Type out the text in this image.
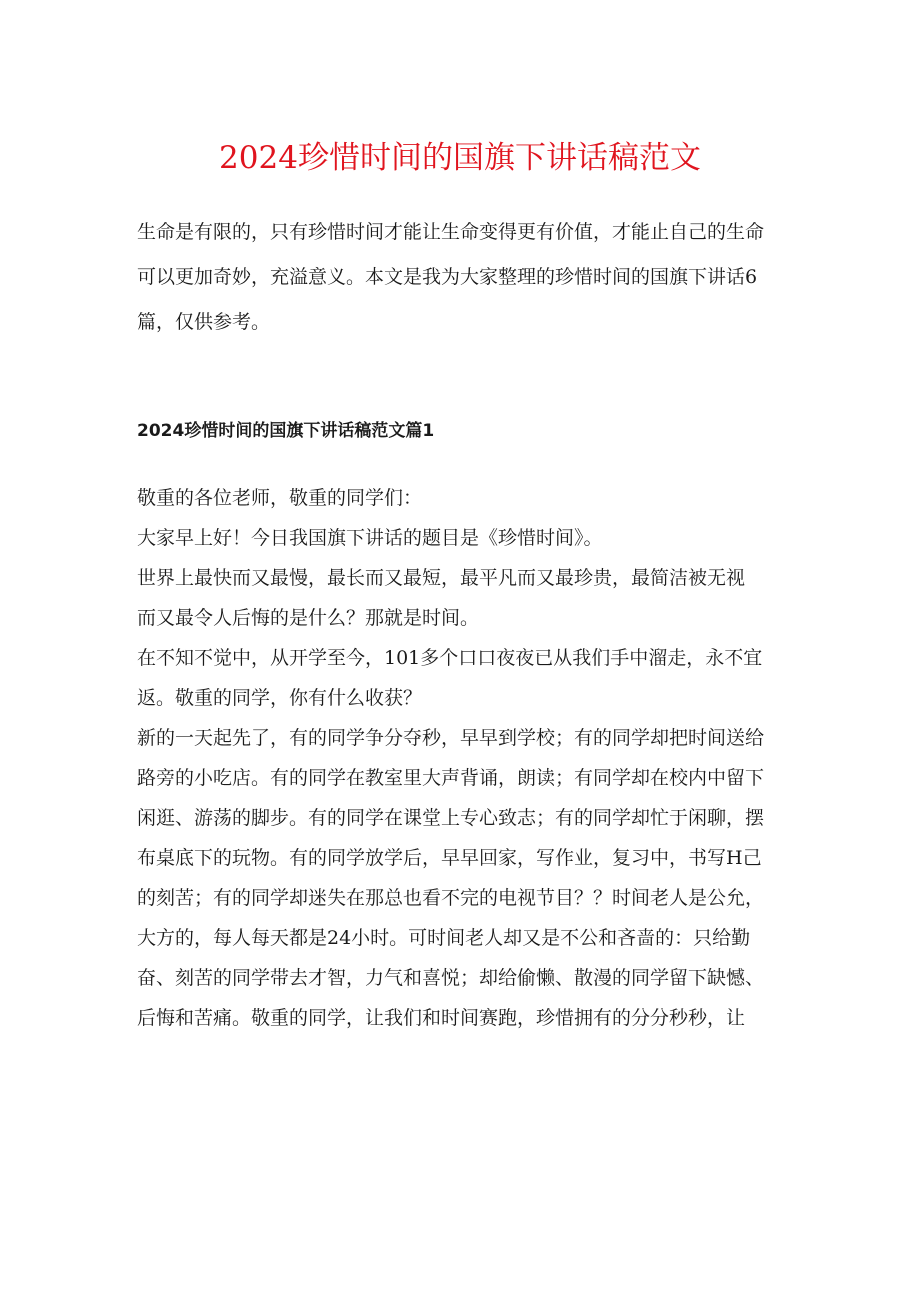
2024珍惜时间的国旗下讲话稿范文
生命是有限的，只有珍惜时间才能让生命变得更有价值，才能止自己的生命
可以更加奇妙，充溢意义。本文是我为大家整理的珍惜时间的国旗下讲话6
篇，仅供参考。
2024珍惜时间的国旗下讲话稿范文篇1
敬重的各位老师，敬重的同学们：
大家早上好！今日我国旗下讲话的题目是《珍惜时间》。
世界上最快而又最慢，最长而又最短，最平凡而又最珍贵，最简洁被无视
而又最令人后悔的是什么？那就是时间。
在不知不觉中，从开学至今，101多个口口夜夜已从我们手中溜走，永不宜
返。敬重的同学，你有什么收获？
新的一天起先了，有的同学争分夺秒，早早到学校；有的同学却把时间送给
路旁的小吃店。有的同学在教室里大声背诵，朗读；有同学却在校内中留下
闲逛、游荡的脚步。有的同学在课堂上专心致志；有的同学却忙于闲聊，摆
布桌底下的玩物。有的同学放学后，早早回家，写作业，复习中，书写H己
的刻苦；有的同学却迷失在那总也看不完的电视节目？？时间老人是公允，
大方的，每人每天都是24小时。可时间老人却又是不公和吝啬的：只给勤
奋、刻苦的同学带去才智，力气和喜悦；却给偷懒、散漫的同学留下缺憾、
后悔和苦痛。敬重的同学，让我们和时间赛跑，珍惜拥有的分分秒秒，让
